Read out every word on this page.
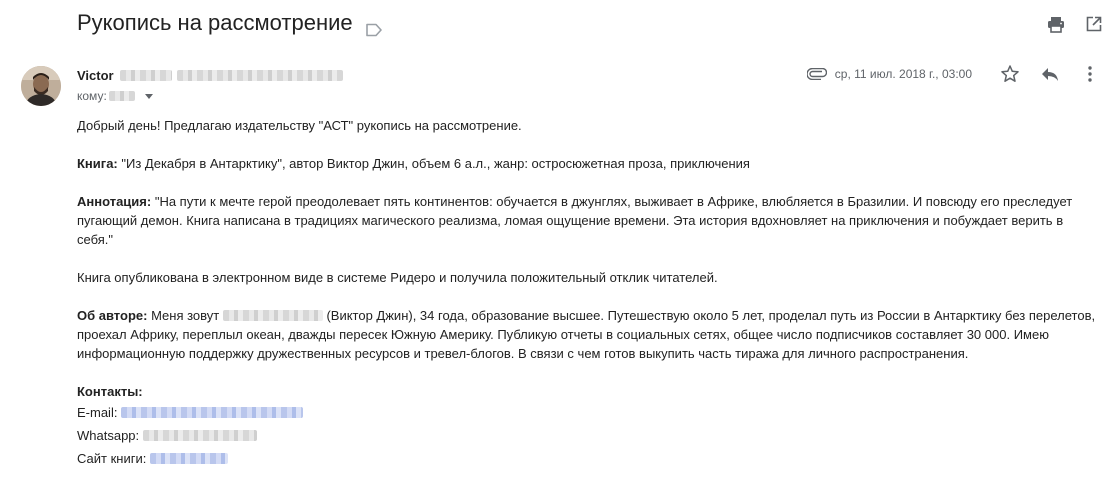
Рукопись на рассмотрение
Victor
кому:
ср, 11 июл. 2018 г., 03:00

Добрый день! Предлагаю издательству "АСТ" рукопись на рассмотрение.

Книга: "Из Декабря в Антарктику", автор Виктор Джин, объем 6 а.л., жанр: остросюжетная проза, приключения

Аннотация: "На пути к мечте герой преодолевает пять континентов: обучается в джунглях, выживает в Африке, влюбляется в Бразилии. И повсюду его преследует пугающий демон. Книга написана в традициях магического реализма, ломая ощущение времени. Эта история вдохновляет на приключения и побуждает верить в себя."

Книга опубликована в электронном виде в системе Ридеро и получила положительный отклик читателей.

Об авторе: Меня зовут	(Виктор Джин), 34 года, образование высшее. Путешествую около 5 лет, проделал путь из России в Антарктику без перелетов, проехал Африку, переплыл океан, дважды пересек Южную Америку. Публикую отчеты в социальных сетях, общее число подписчиков составляет 30 000. Имею информационную поддержку дружественных ресурсов и тревел-блогов. В связи с чем готов выкупить часть тиража для личного распространения.

Контакты:

E-mail:
Whatsapp:
Сайт книги:
